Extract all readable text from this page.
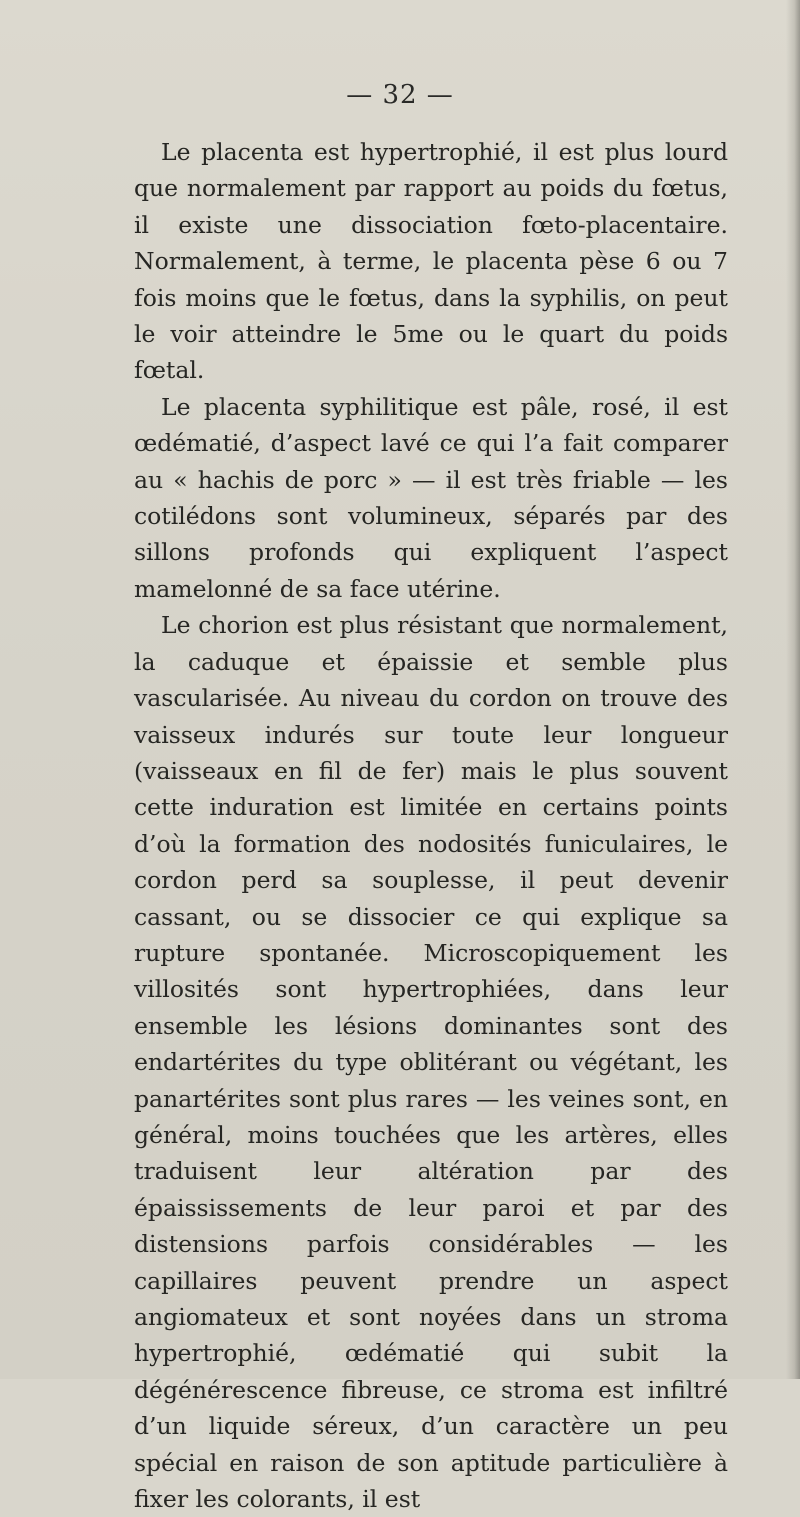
— 32 —

Le placenta est hypertrophié, il est plus lourd que normalement par rapport au poids du fœtus, il existe une dissociation fœto-placentaire. Normalement, à terme, le placenta pèse 6 ou 7 fois moins que le fœtus, dans la syphilis, on peut le voir atteindre le 5me ou le quart du poids fœtal.

Le placenta syphilitique est pâle, rosé, il est œdématié, d’aspect lavé ce qui l’a fait comparer au « hachis de porc » — il est très friable — les cotilédons sont volumineux, séparés par des sillons profonds qui expliquent l’aspect mamelonné de sa face utérine.

Le chorion est plus résistant que normalement, la caduque et épaissie et semble plus vascularisée. Au niveau du cordon on trouve des vaisseux indurés sur toute leur longueur (vaisseaux en fil de fer) mais le plus souvent cette induration est limitée en certains points d’où la formation des nodosités funiculaires, le cordon perd sa souplesse, il peut devenir cassant, ou se dissocier ce qui explique sa rupture spontanée. Microscopiquement les villosités sont hypertrophiées, dans leur ensemble les lésions dominantes sont des endartérites du type oblitérant ou végétant, les panartérites sont plus rares — les veines sont, en général, moins touchées que les artères, elles traduisent leur altération par des épaississements de leur paroi et par des distensions parfois considérables — les capillaires peuvent prendre un aspect angiomateux et sont noyées dans un stroma hypertrophié, œdématié qui subit la dégénérescence fibreuse, ce stroma est infiltré d’un liquide séreux, d’un caractère un peu spécial en raison de son aptitude particulière à fixer les colorants, il est
